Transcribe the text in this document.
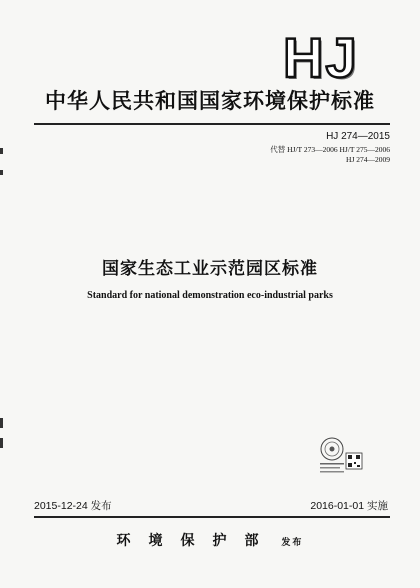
HJ
中华人民共和国国家环境保护标准
HJ 274—2015
代替 HJ/T 273—2006 HJ/T 275—2006
HJ 274—2009
国家生态工业示范园区标准
Standard for national demonstration eco-industrial parks
2015-12-24 发布	2016-01-01 实施
环境保护部 发布
